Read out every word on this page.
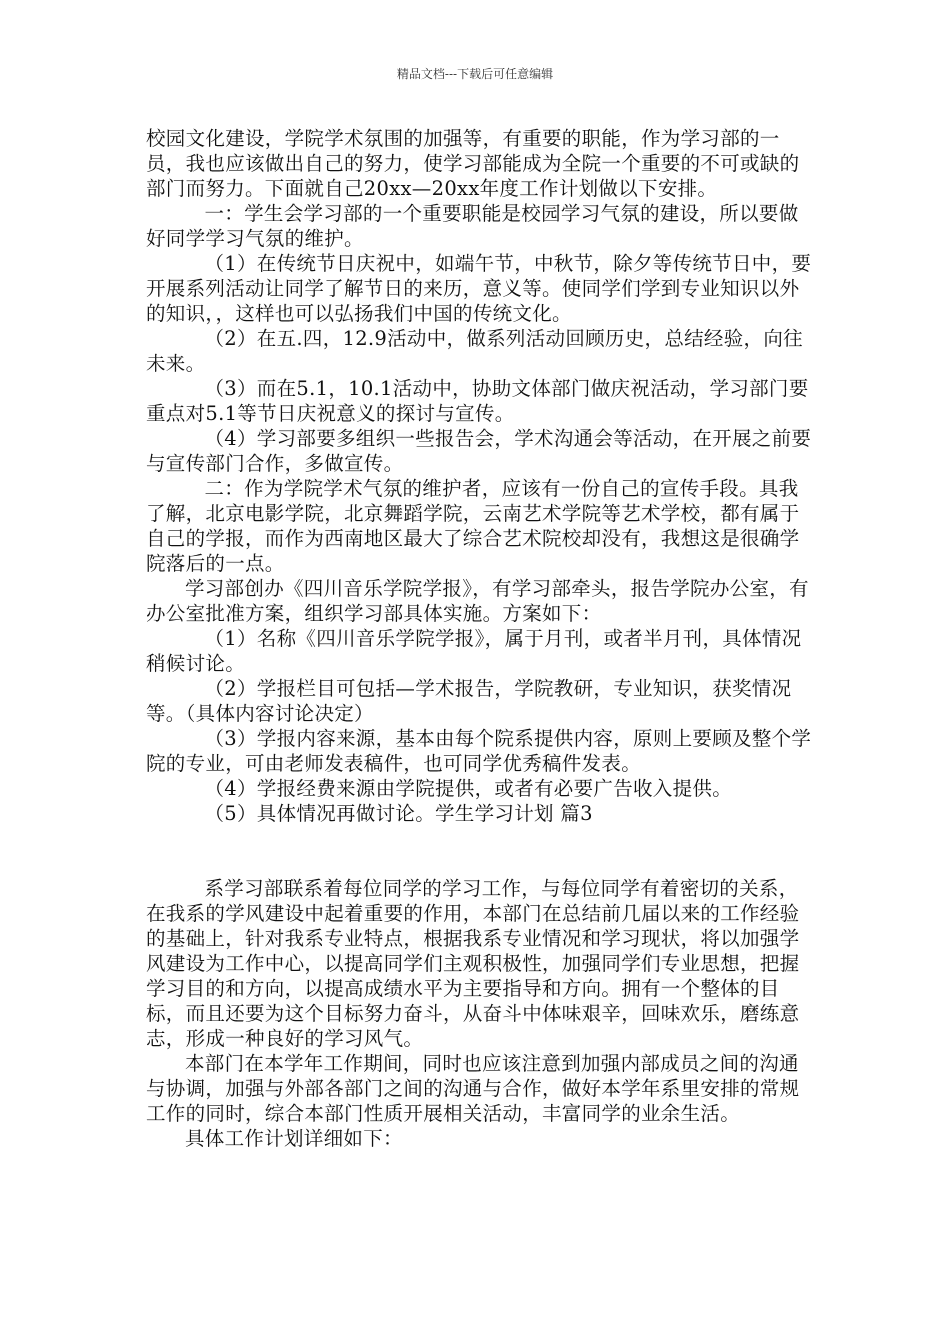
精品文档---下载后可任意编辑

校园文化建设，学院学术氛围的加强等，有重要的职能，作为学习部的一员，我也应该做出自己的努力，使学习部能成为全院一个重要的不可或缺的部门而努力。下面就自己20xx—20xx年度工作计划做以下安排。

一：学生会学习部的一个重要职能是校园学习气氛的建设，所以要做好同学学习气氛的维护。

（1）在传统节日庆祝中，如端午节，中秋节，除夕等传统节日中，要开展系列活动让同学了解节日的来历，意义等。使同学们学到专业知识以外的知识，，这样也可以弘扬我们中国的传统文化。

（2）在五.四，12.9活动中，做系列活动回顾历史，总结经验，向往未来。

（3）而在5.1，10.1活动中，协助文体部门做庆祝活动，学习部门要重点对5.1等节日庆祝意义的探讨与宣传。

（4）学习部要多组织一些报告会，学术沟通会等活动，在开展之前要与宣传部门合作，多做宣传。

二：作为学院学术气氛的维护者，应该有一份自己的宣传手段。具我了解，北京电影学院，北京舞蹈学院，云南艺术学院等艺术学校，都有属于自己的学报，而作为西南地区最大了综合艺术院校却没有，我想这是很确学院落后的一点。

学习部创办《四川音乐学院学报》，有学习部牵头，报告学院办公室，有办公室批准方案，组织学习部具体实施。方案如下：

（1）名称《四川音乐学院学报》，属于月刊，或者半月刊，具体情况稍候讨论。

（2）学报栏目可包括—学术报告，学院教研，专业知识，获奖情况等。（具体内容讨论决定）

（3）学报内容来源，基本由每个院系提供内容，原则上要顾及整个学院的专业，可由老师发表稿件，也可同学优秀稿件发表。

（4）学报经费来源由学院提供，或者有必要广告收入提供。

（5）具体情况再做讨论。学生学习计划 篇3

系学习部联系着每位同学的学习工作，与每位同学有着密切的关系，在我系的学风建设中起着重要的作用，本部门在总结前几届以来的工作经验的基础上，针对我系专业特点，根据我系专业情况和学习现状，将以加强学风建设为工作中心，以提高同学们主观积极性，加强同学们专业思想，把握学习目的和方向，以提高成绩水平为主要指导和方向。拥有一个整体的目标，而且还要为这个目标努力奋斗，从奋斗中体味艰辛，回味欢乐，磨练意志，形成一种良好的学习风气。

本部门在本学年工作期间，同时也应该注意到加强内部成员之间的沟通与协调，加强与外部各部门之间的沟通与合作，做好本学年系里安排的常规工作的同时，综合本部门性质开展相关活动，丰富同学的业余生活。

具体工作计划详细如下：
